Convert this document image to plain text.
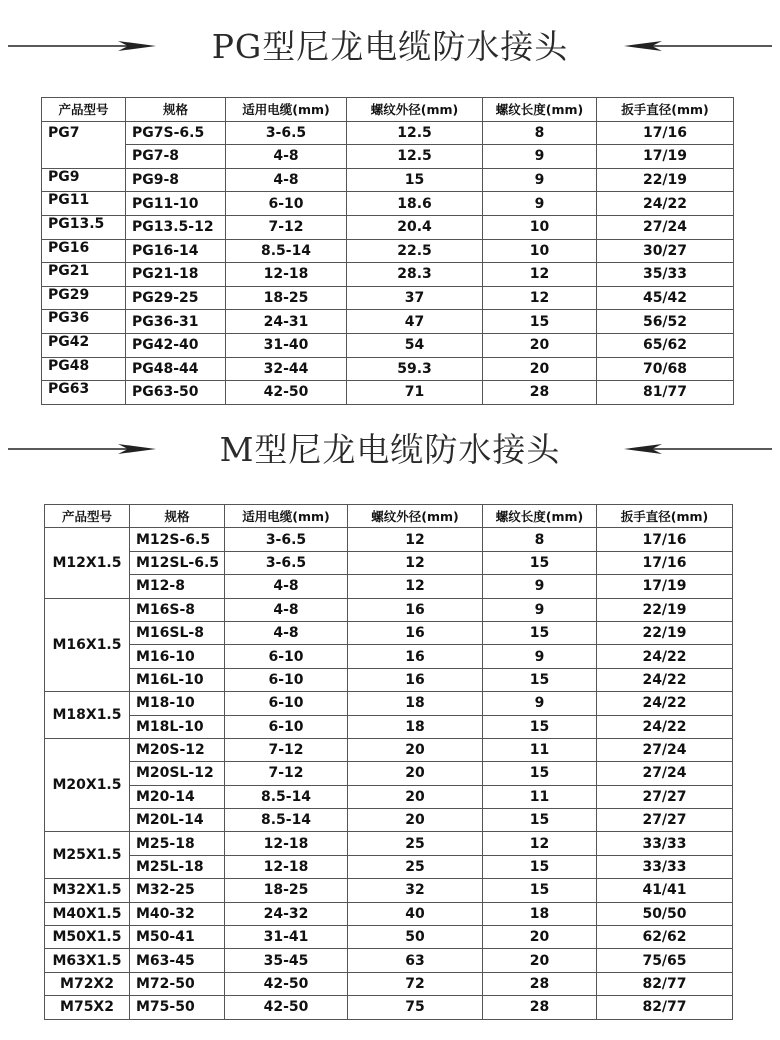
PG型尼龙电缆防水接头
产品型号	规格	适用电缆(mm)	螺纹外径(mm)	螺纹长度(mm)	扳手直径(mm)
PG7	PG7S-6.5	3-6.5	12.5	8	17/16
	PG7-8	4-8	12.5	9	17/19
PG9	PG9-8	4-8	15	9	22/19
PG11	PG11-10	6-10	18.6	9	24/22
PG13.5	PG13.5-12	7-12	20.4	10	27/24
PG16	PG16-14	8.5-14	22.5	10	30/27
PG21	PG21-18	12-18	28.3	12	35/33
PG29	PG29-25	18-25	37	12	45/42
PG36	PG36-31	24-31	47	15	56/52
PG42	PG42-40	31-40	54	20	65/62
PG48	PG48-44	32-44	59.3	20	70/68
PG63	PG63-50	42-50	71	28	81/77
M型尼龙电缆防水接头
产品型号	规格	适用电缆(mm)	螺纹外径(mm)	螺纹长度(mm)	扳手直径(mm)
M12X1.5	M12S-6.5	3-6.5	12	8	17/16
	M12SL-6.5	3-6.5	12	15	17/16
	M12-8	4-8	12	9	17/19
M16X1.5	M16S-8	4-8	16	9	22/19
	M16SL-8	4-8	16	15	22/19
	M16-10	6-10	16	9	24/22
	M16L-10	6-10	16	15	24/22
M18X1.5	M18-10	6-10	18	9	24/22
	M18L-10	6-10	18	15	24/22
M20X1.5	M20S-12	7-12	20	11	27/24
	M20SL-12	7-12	20	15	27/24
	M20-14	8.5-14	20	11	27/27
	M20L-14	8.5-14	20	15	27/27
M25X1.5	M25-18	12-18	25	12	33/33
	M25L-18	12-18	25	15	33/33
M32X1.5	M32-25	18-25	32	15	41/41
M40X1.5	M40-32	24-32	40	18	50/50
M50X1.5	M50-41	31-41	50	20	62/62
M63X1.5	M63-45	35-45	63	20	75/65
M72X2	M72-50	42-50	72	28	82/77
M75X2	M75-50	42-50	75	28	82/77
